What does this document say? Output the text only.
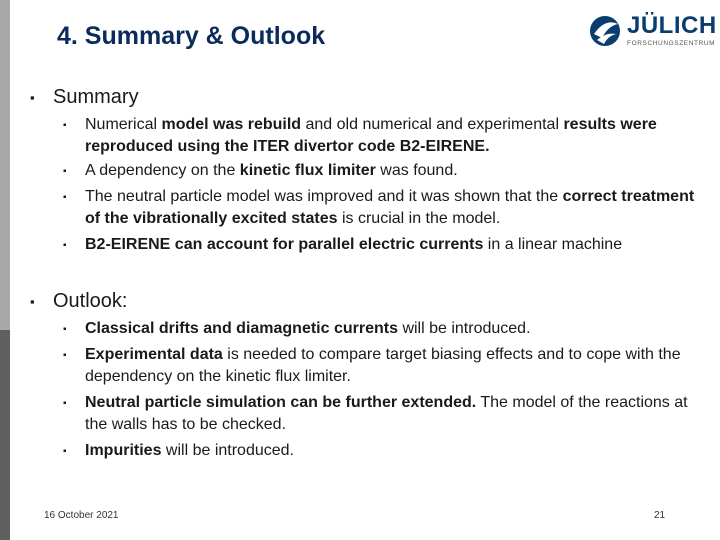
4. Summary & Outlook	JÜLICH
FORSCHUNGSZENTRUM
▪ Summary
▪ Numerical model was rebuild and old numerical and experimental results were reproduced using the ITER divertor code B2-EIRENE.
▪ A dependency on the kinetic flux limiter was found.
▪ The neutral particle model was improved and it was shown that the correct treatment of the vibrationally excited states is crucial in the model.
▪ B2-EIRENE can account for parallel electric currents in a linear machine
▪ Outlook:
▪ Classical drifts and diamagnetic currents will be introduced.
▪ Experimental data is needed to compare target biasing effects and to cope with the dependency on the kinetic flux limiter.
▪ Neutral particle simulation can be further extended. The model of the reactions at the walls has to be checked.
▪ Impurities will be introduced.
16 October 2021	21
